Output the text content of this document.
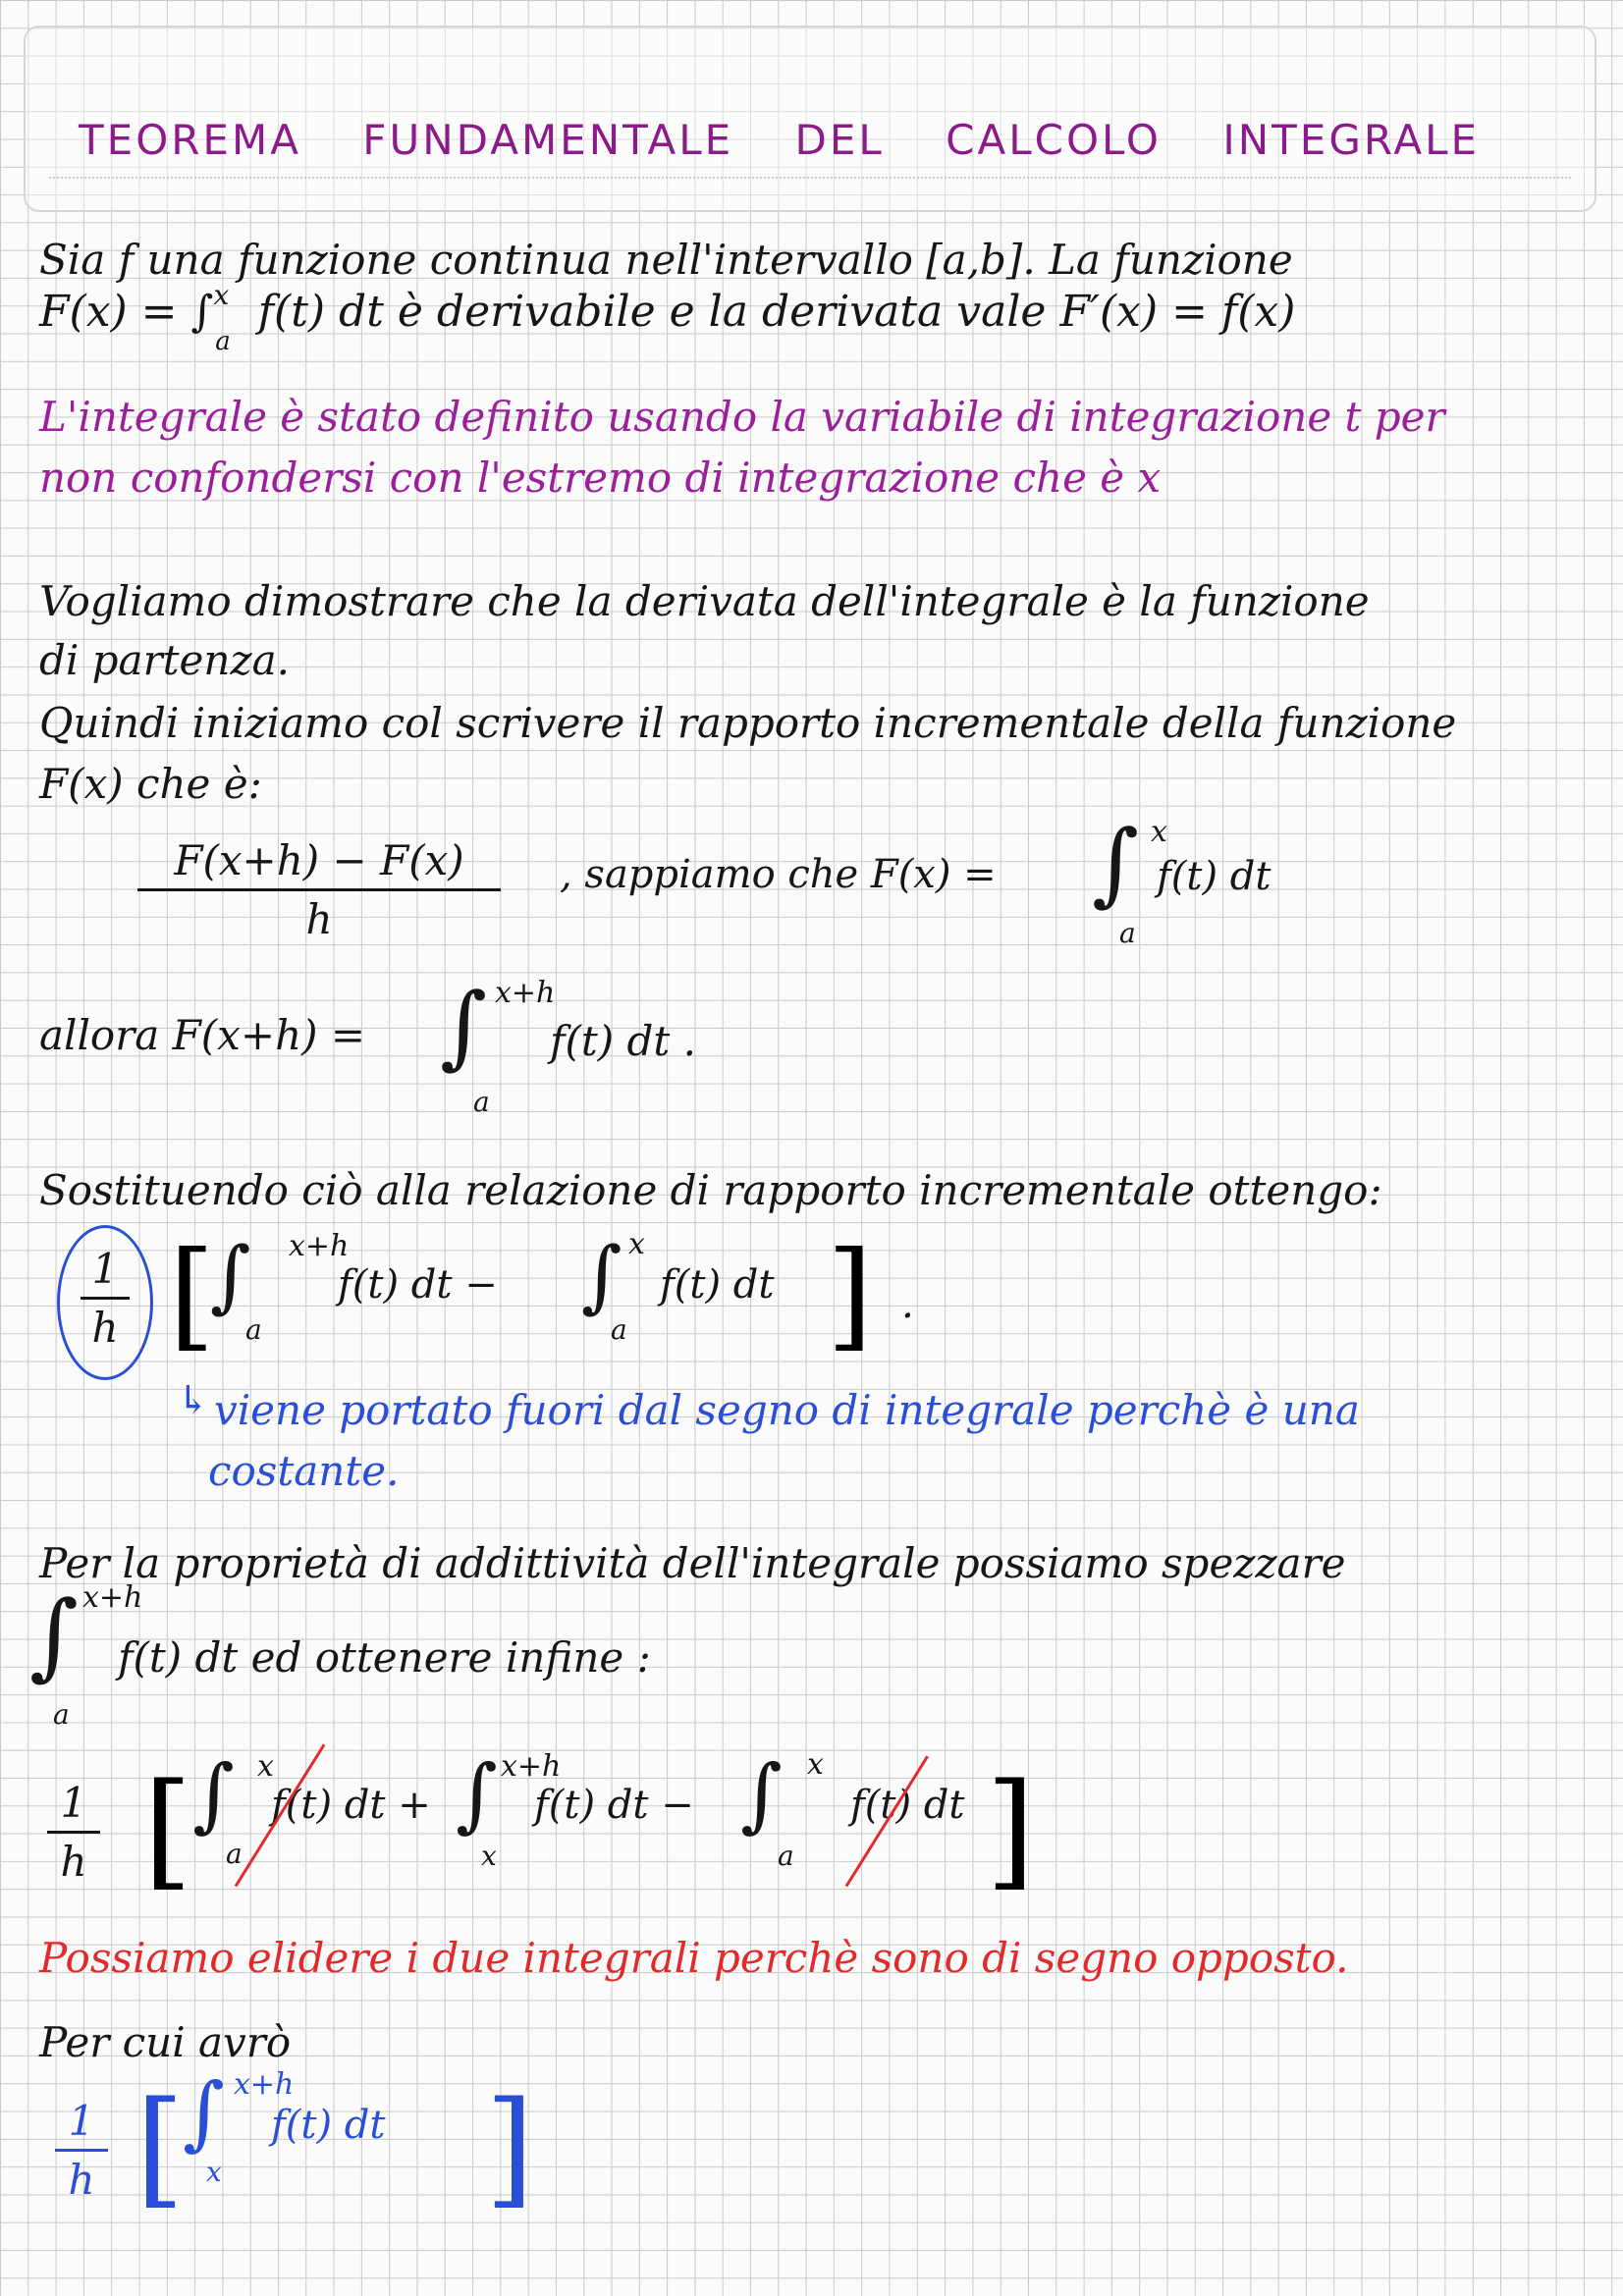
TEOREMA FUNDAMENTALE DEL CALCOLO INTEGRALE
Sia f una funzione continua nell'intervallo [a,b]. La funzione
F(x) = ∫$^x_a$ f(t) dt è derivabile e la derivata vale F′(x) = f(x)
L'integrale è stato definito usando la variabile di integrazione t per
non confondersi con l'estremo di integrazione che è x
Vogliamo dimostrare che la derivata dell'integrale è la funzione
di partenza.
Quindi iniziamo col scrivere il rapporto incrementale della funzione
F(x) che è:
F(x+h) − F(x)
h
, sappiamo che F(x) = ∫ x
a
f(t) dt
allora F(x+h) = ∫ x+h
a
f(t) dt .
Sostituendo ciò alla relazione di rapporto incrementale ottengo:
1
h [
∫ x+h
a
f(t) dt − ∫ x
a
f(t) dt ] .
↳ viene portato fuori dal segno di integrale perchè è una
costante.
Per la proprietà di addittività dell'integrale possiamo spezzare
∫ x+h
a
f(t) dt ed ottenere infine :
1
h [ ∫ x
a
f(t) dt + ∫ x+h
x
f(t) dt − ∫ x
a
f(t) dt ]
Possiamo elidere i due integrali perchè sono di segno opposto.
Per cui avrò
1
h [
∫ x+h
x
f(t) dt ]
